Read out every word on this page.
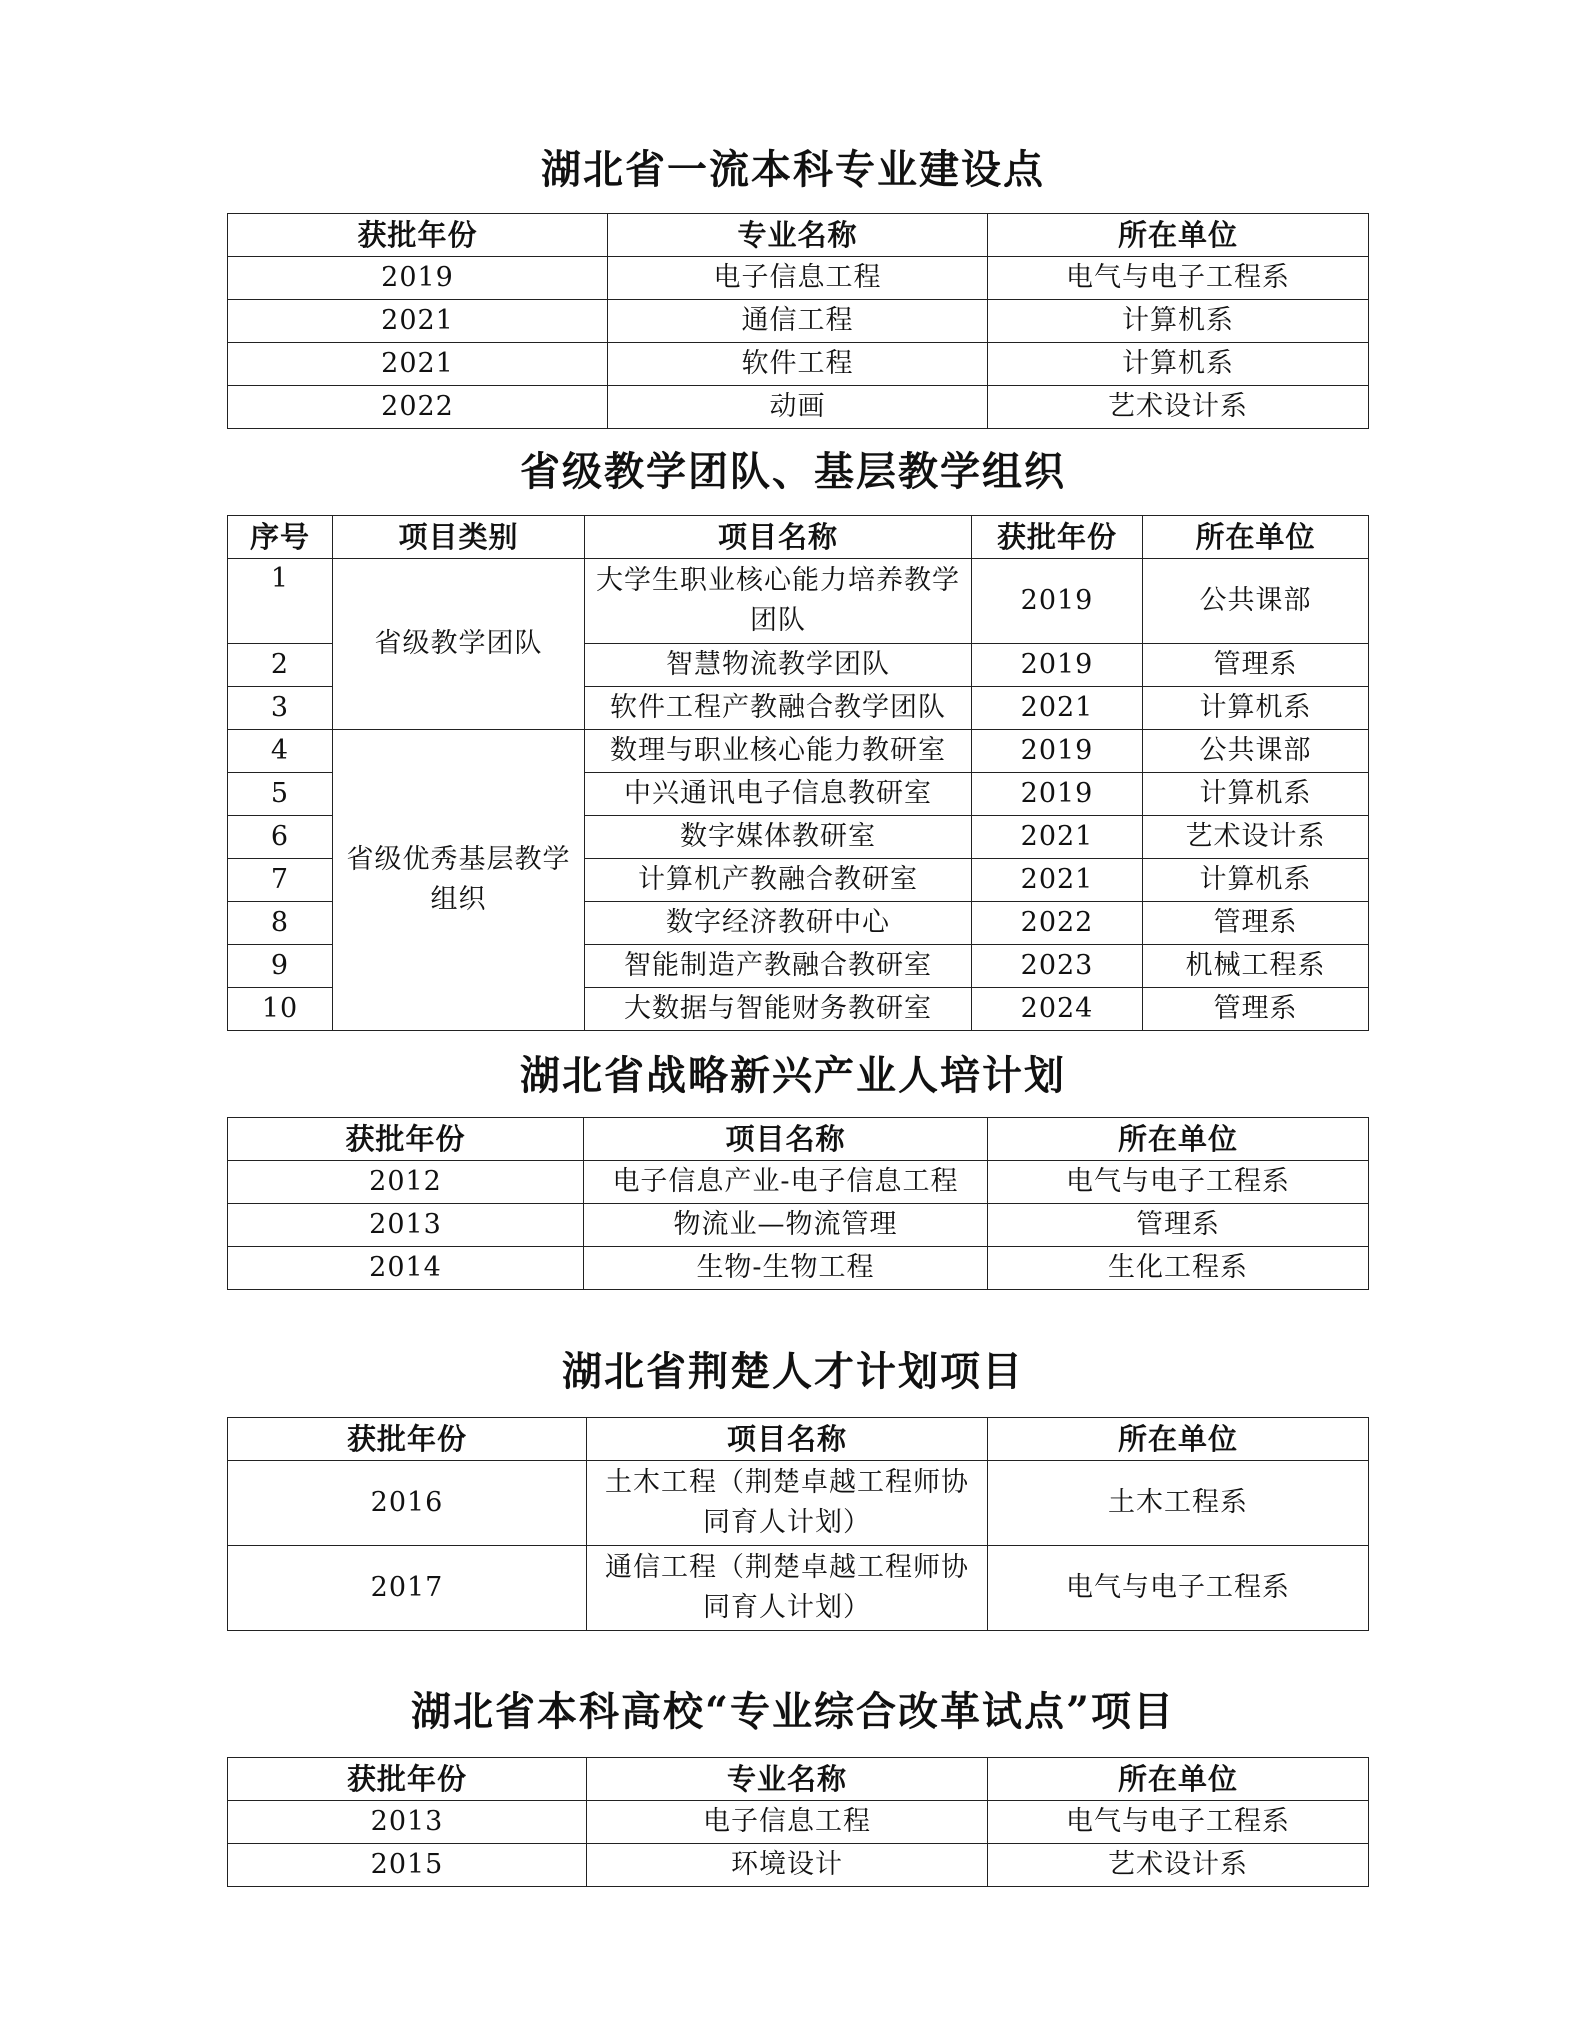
湖北省一流本科专业建设点
获批年份	专业名称	所在单位
2019	电子信息工程	电气与电子工程系
2021	通信工程	计算机系
2021	软件工程	计算机系
2022	动画	艺术设计系
省级教学团队、基层教学组织
序号	项目类别	项目名称	获批年份	所在单位
1	省级教学团队	大学生职业核心能力培养教学团队	2019	公共课部
2		智慧物流教学团队	2019	管理系
3		软件工程产教融合教学团队	2021	计算机系
4	省级优秀基层教学组织	数理与职业核心能力教研室	2019	公共课部
5		中兴通讯电子信息教研室	2019	计算机系
6		数字媒体教研室	2021	艺术设计系
7		计算机产教融合教研室	2021	计算机系
8		数字经济教研中心	2022	管理系
9		智能制造产教融合教研室	2023	机械工程系
10		大数据与智能财务教研室	2024	管理系
湖北省战略新兴产业人培计划
获批年份	项目名称	所在单位
2012	电子信息产业-电子信息工程	电气与电子工程系
2013	物流业—物流管理	管理系
2014	生物-生物工程	生化工程系
湖北省荆楚人才计划项目
获批年份	项目名称	所在单位
2016	土木工程（荆楚卓越工程师协同育人计划）	土木工程系
2017	通信工程（荆楚卓越工程师协同育人计划）	电气与电子工程系
湖北省本科高校“专业综合改革试点”项目
获批年份	专业名称	所在单位
2013	电子信息工程	电气与电子工程系
2015	环境设计	艺术设计系
